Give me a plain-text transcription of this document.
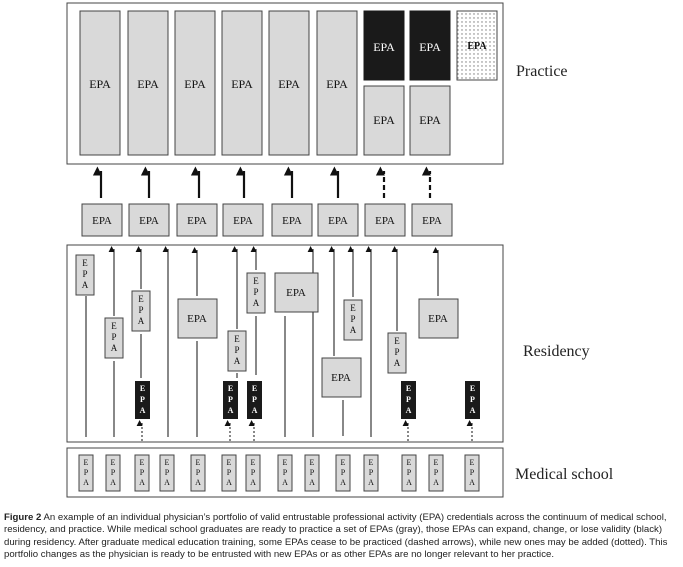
Practice
Residency
Medical school
EPA EPA EPA EPA EPA EPA
EPA
EPA
EPA
EPA
EPA
EPA EPA	EPA EPA	EPA EPA EPA EPA
E
P
A
E
P
A
E
P
A
E
P
A
E
P
A	E
P
A
E
P
A
EPA
EPA
EPA
EPA
E
P
A
E
P
A
E
P
A
E
P
A
E
P
A
E
P
A
E
P
A
E
P
A
E
P
A
E
P
A
E
P
A
E
P
A
E
P
A
E
P
A
E
P
A
E
P
A
E
P
A
E
P
A
E
P
A
Figure 2 An example of an individual physician’s portfolio of valid entrustable professional activity (EPA) credentials across the continuum of medical school, residency, and practice. While medical school graduates are ready to practice a set of EPAs (gray), those EPAs can expand, change, or lose validity (black) during residency. After graduate medical education training, some EPAs cease to be practiced (dashed arrows), while new ones may be added (dotted). This portfolio changes as the physician is ready to be entrusted with new EPAs or as other EPAs are no longer relevant to her practice.
